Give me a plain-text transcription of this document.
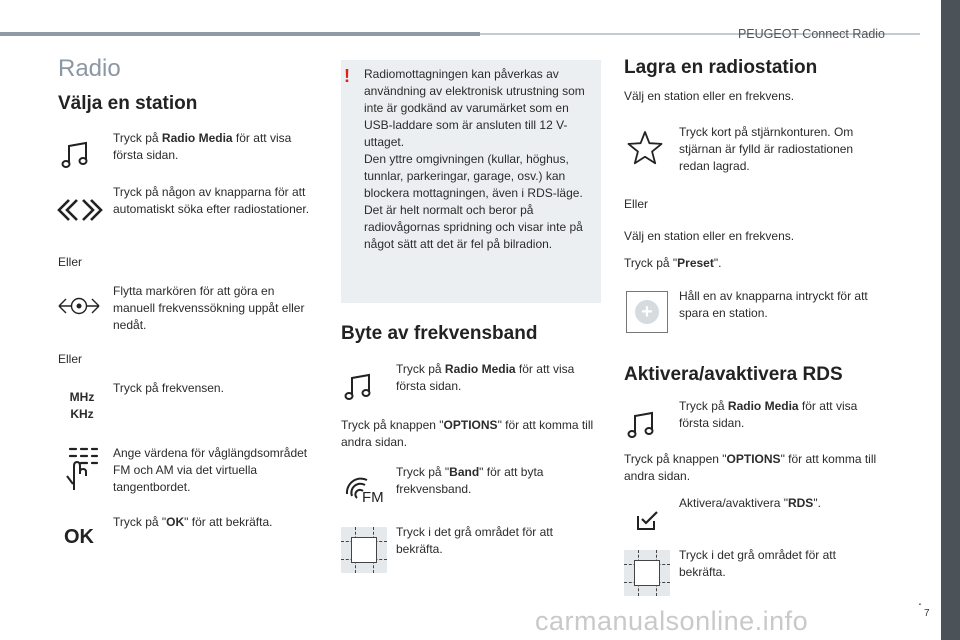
PEUGEOT Connect Radio
.
7
carmanualsonline.info
Radio
Välja en station
Tryck på Radio Media för att visa första sidan.
Tryck på någon av knapparna för att automatiskt söka efter radiostationer.
Eller
Flytta markören för att göra en manuell frekvenssökning uppåt eller nedåt.
Eller
MHz
KHz
Tryck på frekvensen.
Ange värdena för våglängdsområdet FM och AM via det virtuella tangentbordet.
OK
Tryck på "OK" för att bekräfta.
! Radiomottagningen kan påverkas av användning av elektronisk utrustning som inte är godkänd av varumärket som en USB-laddare som är ansluten till 12 V-uttaget.
Den yttre omgivningen (kullar, höghus, tunnlar, parkeringar, garage, osv.) kan blockera mottagningen, även i RDS-läge. Det är helt normalt och beror på radiovågornas spridning och visar inte på något sätt att det är fel på bilradion.
Byte av frekvensband
Tryck på Radio Media för att visa första sidan.
Tryck på knappen "OPTIONS" för att komma till andra sidan.
FM
Tryck på "Band" för att byta frekvensband.
Tryck i det grå området för att bekräfta.
Lagra en radiostation
Välj en station eller en frekvens.
Tryck kort på stjärnkonturen. Om stjärnan är fylld är radiostationen redan lagrad.
Eller
Välj en station eller en frekvens.
Tryck på "Preset".
+
Håll en av knapparna intryckt för att spara en station.
Aktivera/avaktivera RDS
Tryck på Radio Media för att visa första sidan.
Tryck på knappen "OPTIONS" för att komma till andra sidan.
Aktivera/avaktivera "RDS".
Tryck i det grå området för att bekräfta.
